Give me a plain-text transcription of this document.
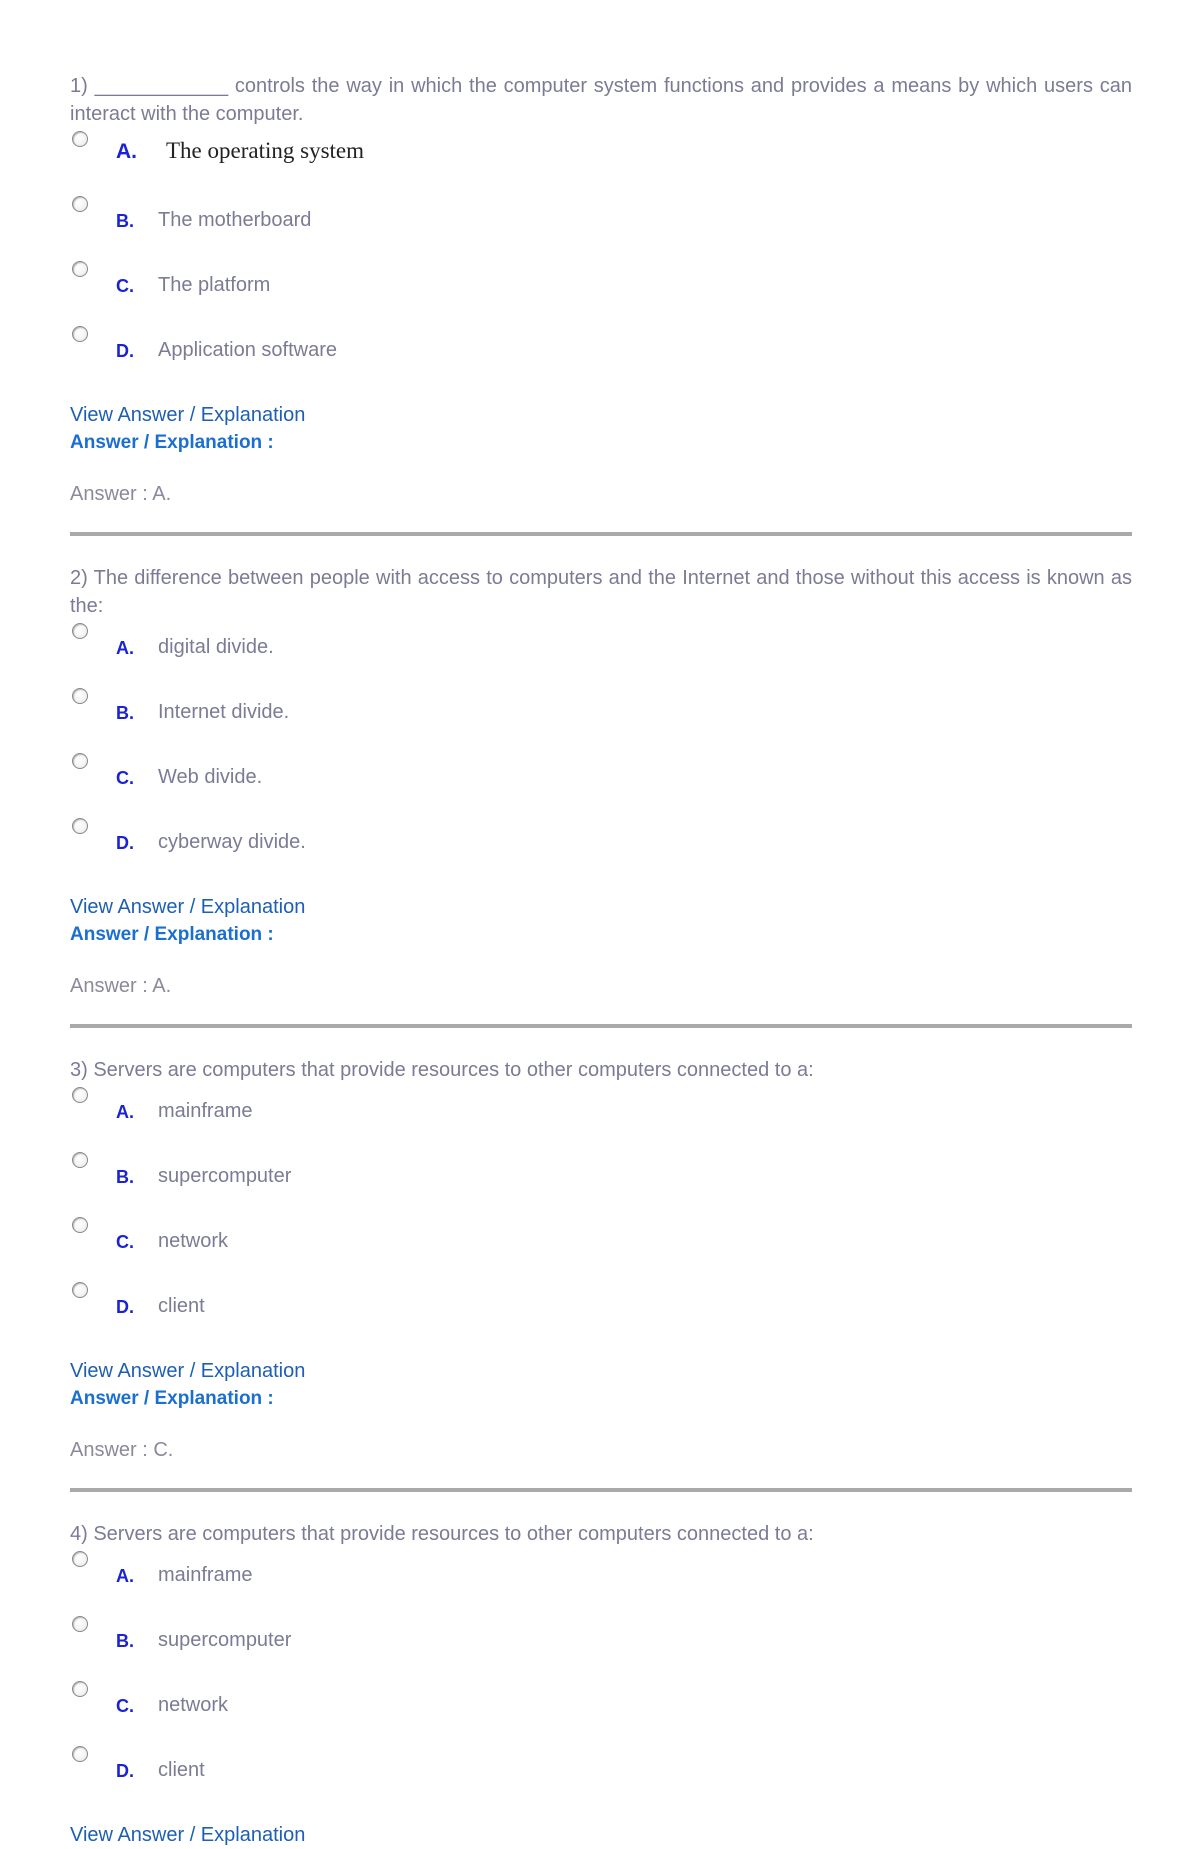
1) ____________ controls the way in which the computer system functions and provides a means by which users can interact with the computer.
A. The operating system
B. The motherboard
C. The platform
D. Application software
View Answer / Explanation
Answer / Explanation :
Answer : A.
2) The difference between people with access to computers and the Internet and those without this access is known as the:
A. digital divide.
B. Internet divide.
C. Web divide.
D. cyberway divide.
View Answer / Explanation
Answer / Explanation :
Answer : A.
3) Servers are computers that provide resources to other computers connected to a:
A. mainframe
B. supercomputer
C. network
D. client
View Answer / Explanation
Answer / Explanation :
Answer : C.
4) Servers are computers that provide resources to other computers connected to a:
A. mainframe
B. supercomputer
C. network
D. client
View Answer / Explanation
